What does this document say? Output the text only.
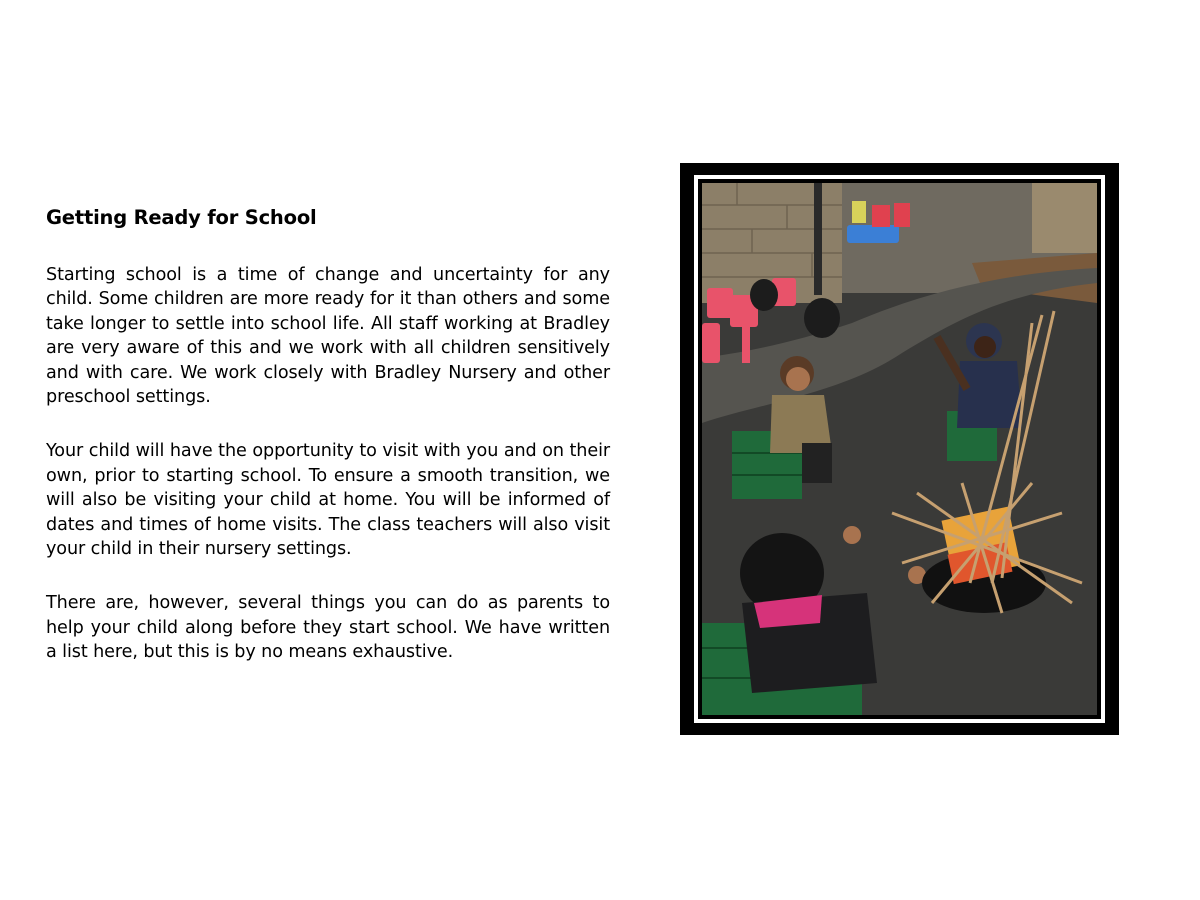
Getting Ready for School

Starting school is a time of change and uncertainty for any child. Some children are more ready for it than others and some take longer to settle into school life. All staff working at Bradley are very aware of this and we work with all children sensitively and with care. We work closely with Bradley Nursery and other preschool settings.

Your child will have the opportunity to visit with you and on their own, prior to starting school. To ensure a smooth transition, we will also be visiting your child at home. You will be informed of dates and times of home visits. The class teachers will also visit your child in their nursery settings.

There are, however, several things you can do as parents to help your child along before they start school. We have written a list here, but this is by no means exhaustive.
